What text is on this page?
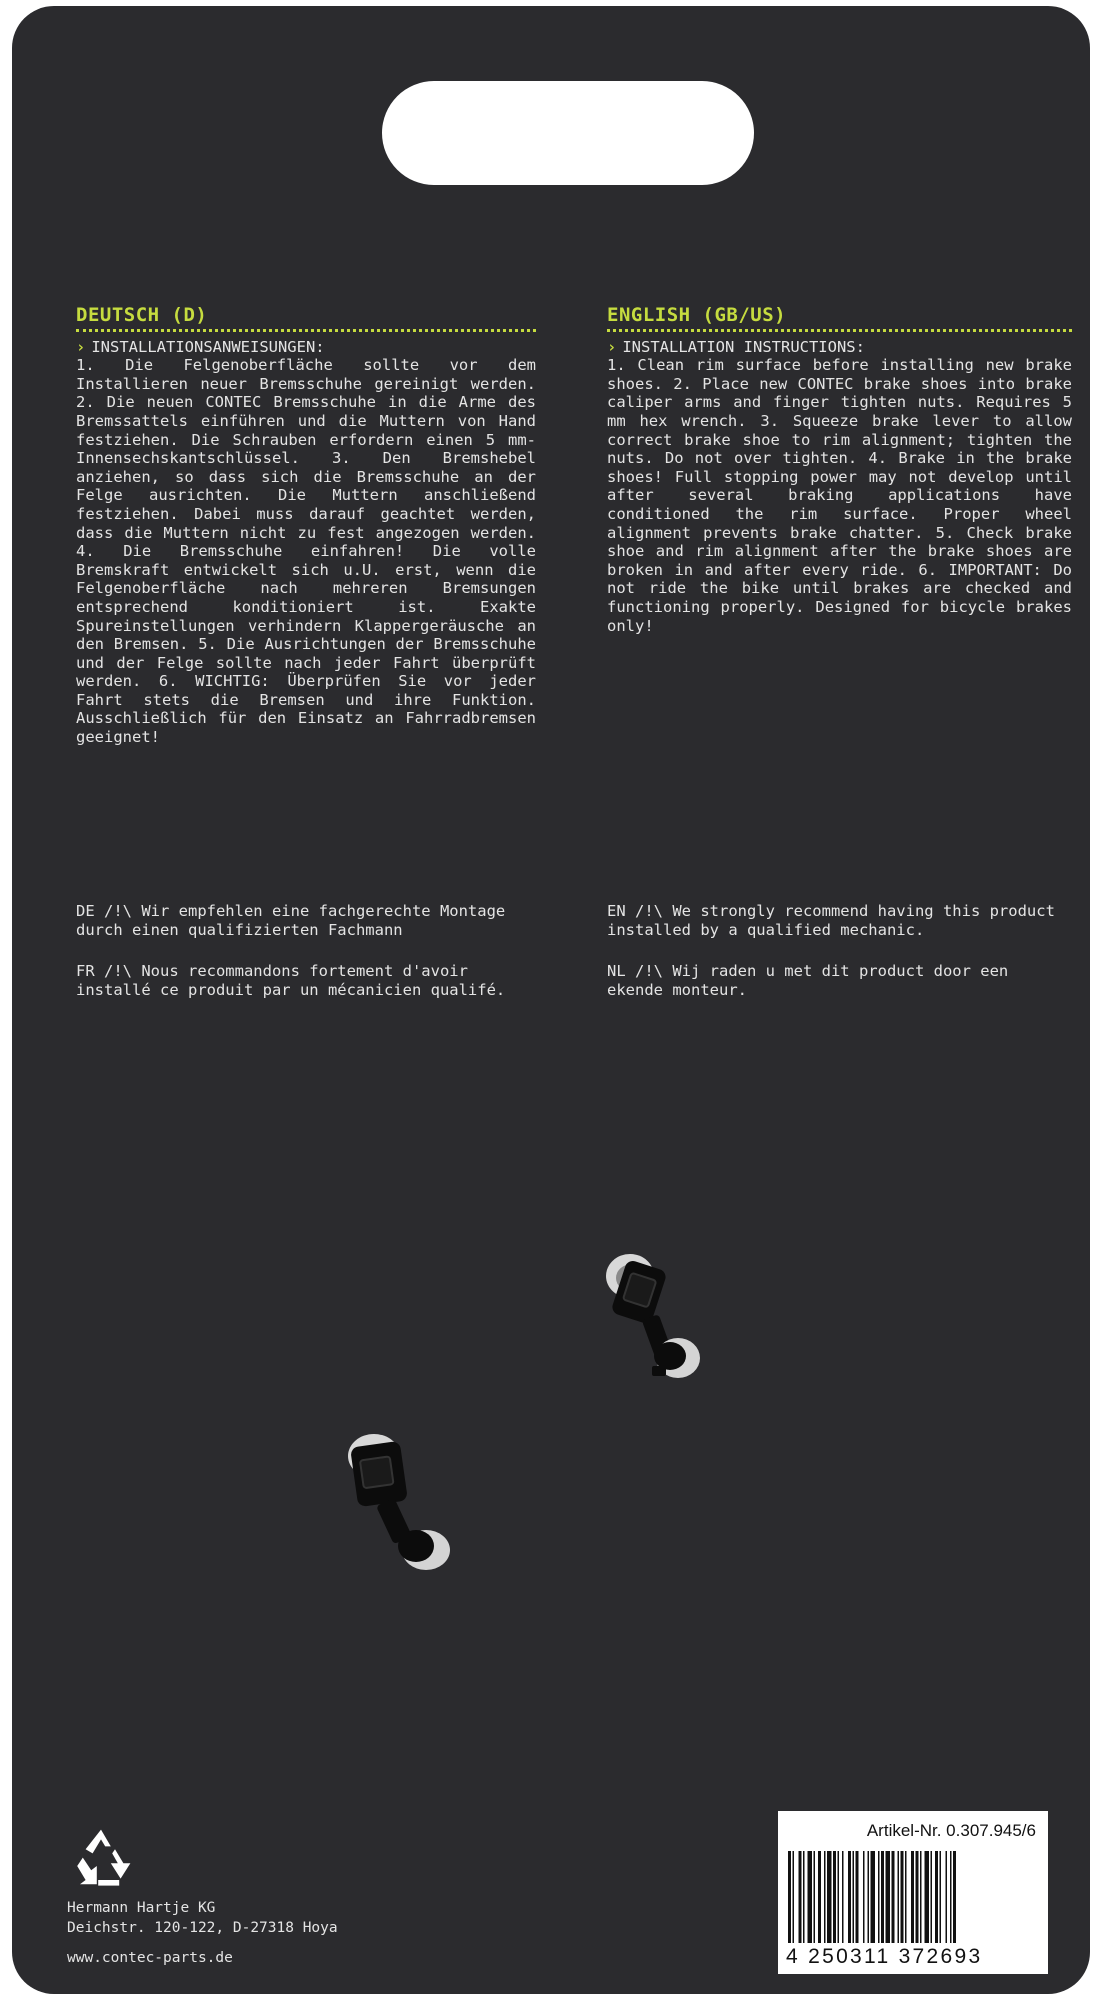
DEUTSCH (D)
› INSTALLATIONSANWEISUNGEN:
1. Die Felgenoberfläche sollte vor dem Installieren neuer Bremsschuhe gereinigt werden. 2. Die neuen CONTEC Bremsschuhe in die Arme des Bremssattels einführen und die Muttern von Hand festziehen. Die Schrauben erfordern einen 5 mm-Innensechskantschlüssel. 3. Den Bremshebel anziehen, so dass sich die Bremsschuhe an der Felge ausrichten. Die Muttern anschließend festziehen. Dabei muss darauf geachtet werden, dass die Muttern nicht zu fest angezogen werden. 4. Die Bremsschuhe einfahren! Die volle Bremskraft entwickelt sich u.U. erst, wenn die Felgenoberfläche nach mehreren Bremsungen entsprechend konditioniert ist. Exakte Spureinstellungen verhindern Klappergeräusche an den Bremsen. 5. Die Ausrichtungen der Bremsschuhe und der Felge sollte nach jeder Fahrt überprüft werden. 6. WICHTIG: Überprüfen Sie vor jeder Fahrt stets die Bremsen und ihre Funktion. Ausschließlich für den Einsatz an Fahrradbremsen geeignet!
ENGLISH (GB/US)
› INSTALLATION INSTRUCTIONS:
1. Clean rim surface before installing new brake shoes. 2. Place new CONTEC brake shoes into brake caliper arms and finger tighten nuts. Requires 5 mm hex wrench. 3. Squeeze brake lever to allow correct brake shoe to rim alignment; tighten the nuts. Do not over tighten. 4. Brake in the brake shoes! Full stopping power may not develop until after several braking applications have conditioned the rim surface. Proper wheel alignment prevents brake chatter. 5. Check brake shoe and rim alignment after the brake shoes are broken in and after every ride. 6. IMPORTANT: Do not ride the bike until brakes are checked and functioning properly. Designed for bicycle brakes only!
DE /!\ Wir empfehlen eine fachgerechte Montage durch einen qualifizierten Fachmann
FR /!\ Nous recommandons fortement d'avoir installé ce produit par un mécanicien qualifé.
EN /!\ We strongly recommend having this product installed by a qualified mechanic.
NL /!\ Wij raden u met dit product door een ekende monteur.
Hermann Hartje KG
Deichstr. 120-122, D-27318 Hoya
www.contec-parts.de
Artikel-Nr. 0.307.945/6
4 250311 372693
